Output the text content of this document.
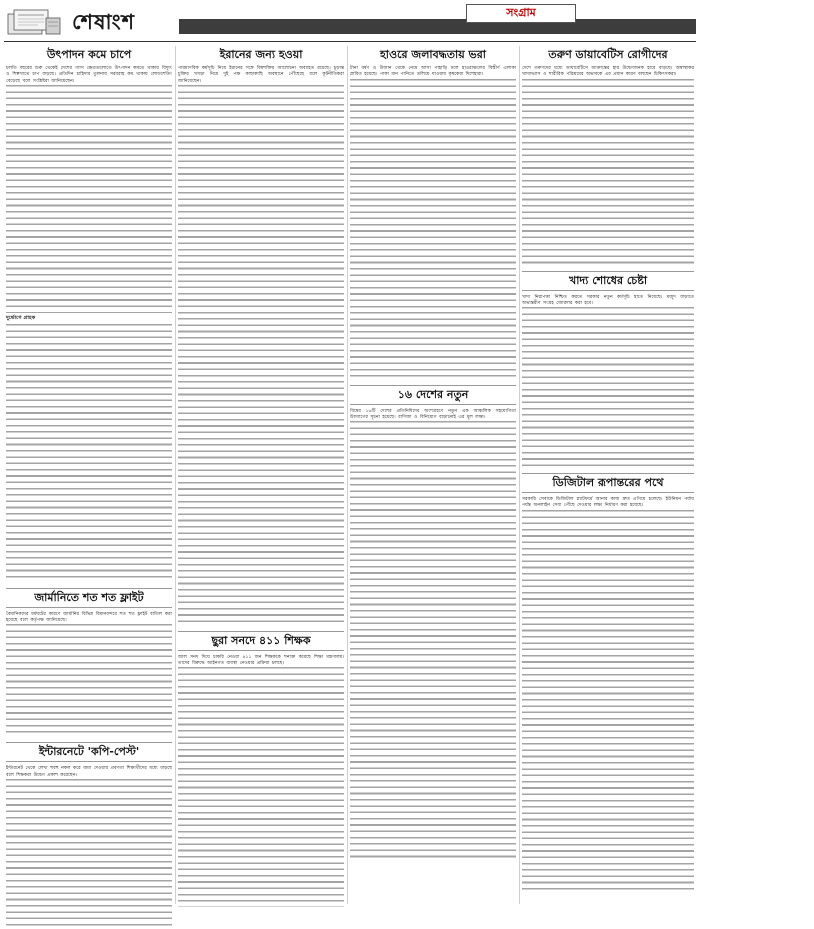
শেষাংশ
সাত
সংগ্রাম
উৎপাদন কমে চাপে

চলতি বছরের শুরু থেকেই দেশের গ্যাস ক্ষেত্রগুলোতে উৎপাদন কমতে থাকায় বিদ্যুৎ ও শিল্পখাতে চাপ বাড়ছে। প্রতিদিন চাহিদার তুলনায় সরবরাহ কম থাকায় লোডশেডিং বেড়েছে বলে সংশ্লিষ্টরা জানিয়েছেন।

দুর্ভোগে গ্রাহক
জার্মানিতে শত শত ফ্লাইট

বৈমানিকদের ধর্মঘটের কারণে জার্মানির বিভিন্ন বিমানবন্দরে শত শত ফ্লাইট বাতিল করা হয়েছে বলে কর্তৃপক্ষ জানিয়েছে।

ইন্টারনেটে 'কপি-পেস্ট'

ইন্টারনেট থেকে লেখা হুবহু নকল করে জমা দেওয়ার প্রবণতা শিক্ষার্থীদের মধ্যে বাড়ছে বলে শিক্ষকরা উদ্বেগ প্রকাশ করেছেন।

ইরানের জন্য হওয়া

পারমাণবিক কর্মসূচি নিয়ে ইরানের সঙ্গে বিশ্বশক্তির আলোচনা অব্যাহত রয়েছে। চূড়ান্ত চুক্তির খসড়া নিয়ে দুই পক্ষ কাছাকাছি অবস্থানে পৌঁছেছে বলে কূটনীতিকরা জানিয়েছেন।

ছুরা সনদে ৪১১ শিক্ষক

জাল সনদ দিয়ে চাকরি নেওয়া ৪১১ জন শিক্ষককে শনাক্ত করেছে শিক্ষা মন্ত্রণালয়। তাদের বিরুদ্ধে আইনগত ব্যবস্থা নেওয়ার প্রক্রিয়া চলছে।

হাওরে জলাবদ্ধতায় ভরা

টানা বর্ষণ ও উজান থেকে নেমে আসা পাহাড়ি ঢলে হাওরাঞ্চলের বিস্তীর্ণ এলাকা প্লাবিত হয়েছে। পাকা ধান পানিতে তলিয়ে যাওয়ায় কৃষকেরা দিশেহারা।

১৬ দেশের নতুন

বিশ্বের ১৬টি দেশের প্রতিনিধিদের অংশগ্রহণে নতুন এক আঞ্চলিক সহযোগিতা উদ্যোগের সূচনা হয়েছে। বাণিজ্য ও বিনিয়োগ বাড়ানোই এর মূল লক্ষ্য।

তরুণ ডায়াবেটিস রোগীদের

দেশে তরুণদের মধ্যে ডায়াবেটিসে আক্রান্তের হার উদ্বেগজনক হারে বাড়ছে। অস্বাস্থ্যকর খাদ্যাভ্যাস ও শারীরিক পরিশ্রমের অভাবকে এর প্রধান কারণ বলছেন চিকিৎসকরা।

খাদ্য শোধের চেষ্টা

খাদ্য নিরাপত্তা নিশ্চিত করতে সরকার নতুন কর্মসূচি হাতে নিয়েছে। মজুদ বাড়াতে অভ্যন্তরীণ সংগ্রহ জোরদার করা হবে।

ডিজিটাল রূপান্তরের পথে

সরকারি সেবাকে ডিজিটাল প্ল্যাটফর্মে আনার কাজ দ্রুত এগিয়ে চলেছে। ইউনিয়ন পর্যায় পর্যন্ত অনলাইন সেবা পৌঁছে দেওয়ার লক্ষ্য নির্ধারণ করা হয়েছে।
